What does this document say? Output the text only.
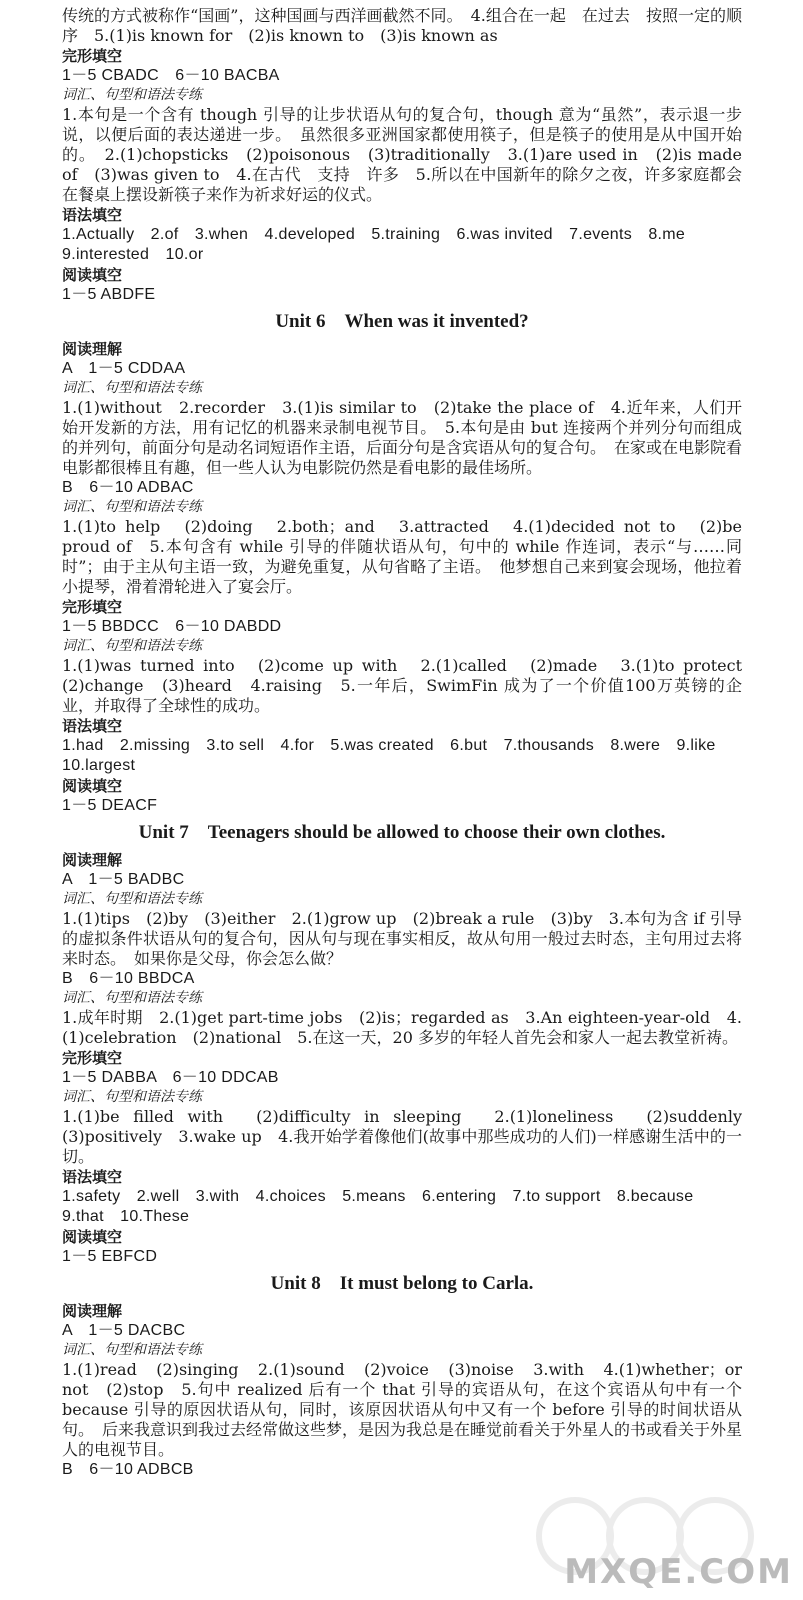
传统的方式被称作“国画”，这种国画与西洋画截然不同。　4.组合在一起　在过去　按照一定的顺序　5.(1)is known for　(2)is known to　(3)is known as

完形填空

1－5 CBADC　6－10 BACBA

词汇、句型和语法专练

1.本句是一个含有 though 引导的让步状语从句的复合句，though 意为“虽然”，表示退一步说，以便后面的表达递进一步。　虽然很多亚洲国家都使用筷子，但是筷子的使用是从中国开始的。　2.(1)chopsticks　(2)poisonous　(3)traditionally　3.(1)are used in　(2)is made of　(3)was given to　4.在古代　支持　许多　5.所以在中国新年的除夕之夜，许多家庭都会在餐桌上摆设新筷子来作为祈求好运的仪式。

语法填空

1.Actually　2.of　3.when　4.developed　5.training　6.was invited　7.events　8.me　9.interested　10.or

阅读填空

1－5 ABDFE

Unit 6　When was it invented?

阅读理解

A　1－5 CDDAA

词汇、句型和语法专练

1.(1)without　2.recorder　3.(1)is similar to　(2)take the place of　4.近年来，人们开始开发新的方法，用有记忆的机器来录制电视节目。　5.本句是由 but 连接两个并列分句而组成的并列句，前面分句是动名词短语作主语，后面分句是含宾语从句的复合句。　在家或在电影院看电影都很棒且有趣，但一些人认为电影院仍然是看电影的最佳场所。

B　6－10 ADBAC

词汇、句型和语法专练

1.(1)to help　(2)doing　2.both；and　3.attracted　4.(1)decided not to　(2)be proud of　5.本句含有 while 引导的伴随状语从句，句中的 while 作连词，表示“与……同时”；由于主从句主语一致，为避免重复，从句省略了主语。　他梦想自己来到宴会现场，他拉着小提琴，滑着滑轮进入了宴会厅。

完形填空

1－5 BBDCC　6－10 DABDD

词汇、句型和语法专练

1.(1)was turned into　(2)come up with　2.(1)called　(2)made　3.(1)to protect　(2)change　(3)heard　4.raising　5.一年后，SwimFin 成为了一个价值100万英镑的企业，并取得了全球性的成功。

语法填空

1.had　2.missing　3.to sell　4.for　5.was created　6.but　7.thousands　8.were　9.like　10.largest

阅读填空

1－5 DEACF

Unit 7　Teenagers should be allowed to choose their own clothes.

阅读理解

A　1－5 BADBC

词汇、句型和语法专练

1.(1)tips　(2)by　(3)either　2.(1)grow up　(2)break a rule　(3)by　3.本句为含 if 引导的虚拟条件状语从句的复合句，因从句与现在事实相反，故从句用一般过去时态，主句用过去将来时态。　如果你是父母，你会怎么做？

B　6－10 BBDCA

词汇、句型和语法专练

1.成年时期　2.(1)get part-time jobs　(2)is；regarded as　3.An eighteen-year-old　4.(1)celebration　(2)national　5.在这一天，20 多岁的年轻人首先会和家人一起去教堂祈祷。

完形填空

1－5 DABBA　6－10 DDCAB

词汇、句型和语法专练

1.(1)be filled with　(2)difficulty in sleeping　2.(1)loneliness　(2)suddenly　(3)positively　3.wake up　4.我开始学着像他们(故事中那些成功的人们)一样感谢生活中的一切。

语法填空

1.safety　2.well　3.with　4.choices　5.means　6.entering　7.to support　8.because　9.that　10.These

阅读填空

1－5 EBFCD

Unit 8　It must belong to Carla.

阅读理解

A　1－5 DACBC

词汇、句型和语法专练

1.(1)read　(2)singing　2.(1)sound　(2)voice　(3)noise　3.with　4.(1)whether；or not　(2)stop　5.句中 realized 后有一个 that 引导的宾语从句，在这个宾语从句中有一个 because 引导的原因状语从句，同时，该原因状语从句中又有一个 before 引导的时间状语从句。　后来我意识到我过去经常做这些梦，是因为我总是在睡觉前看关于外星人的书或看关于外星人的电视节目。

B　6－10 ADBCB

MXQE.COM
